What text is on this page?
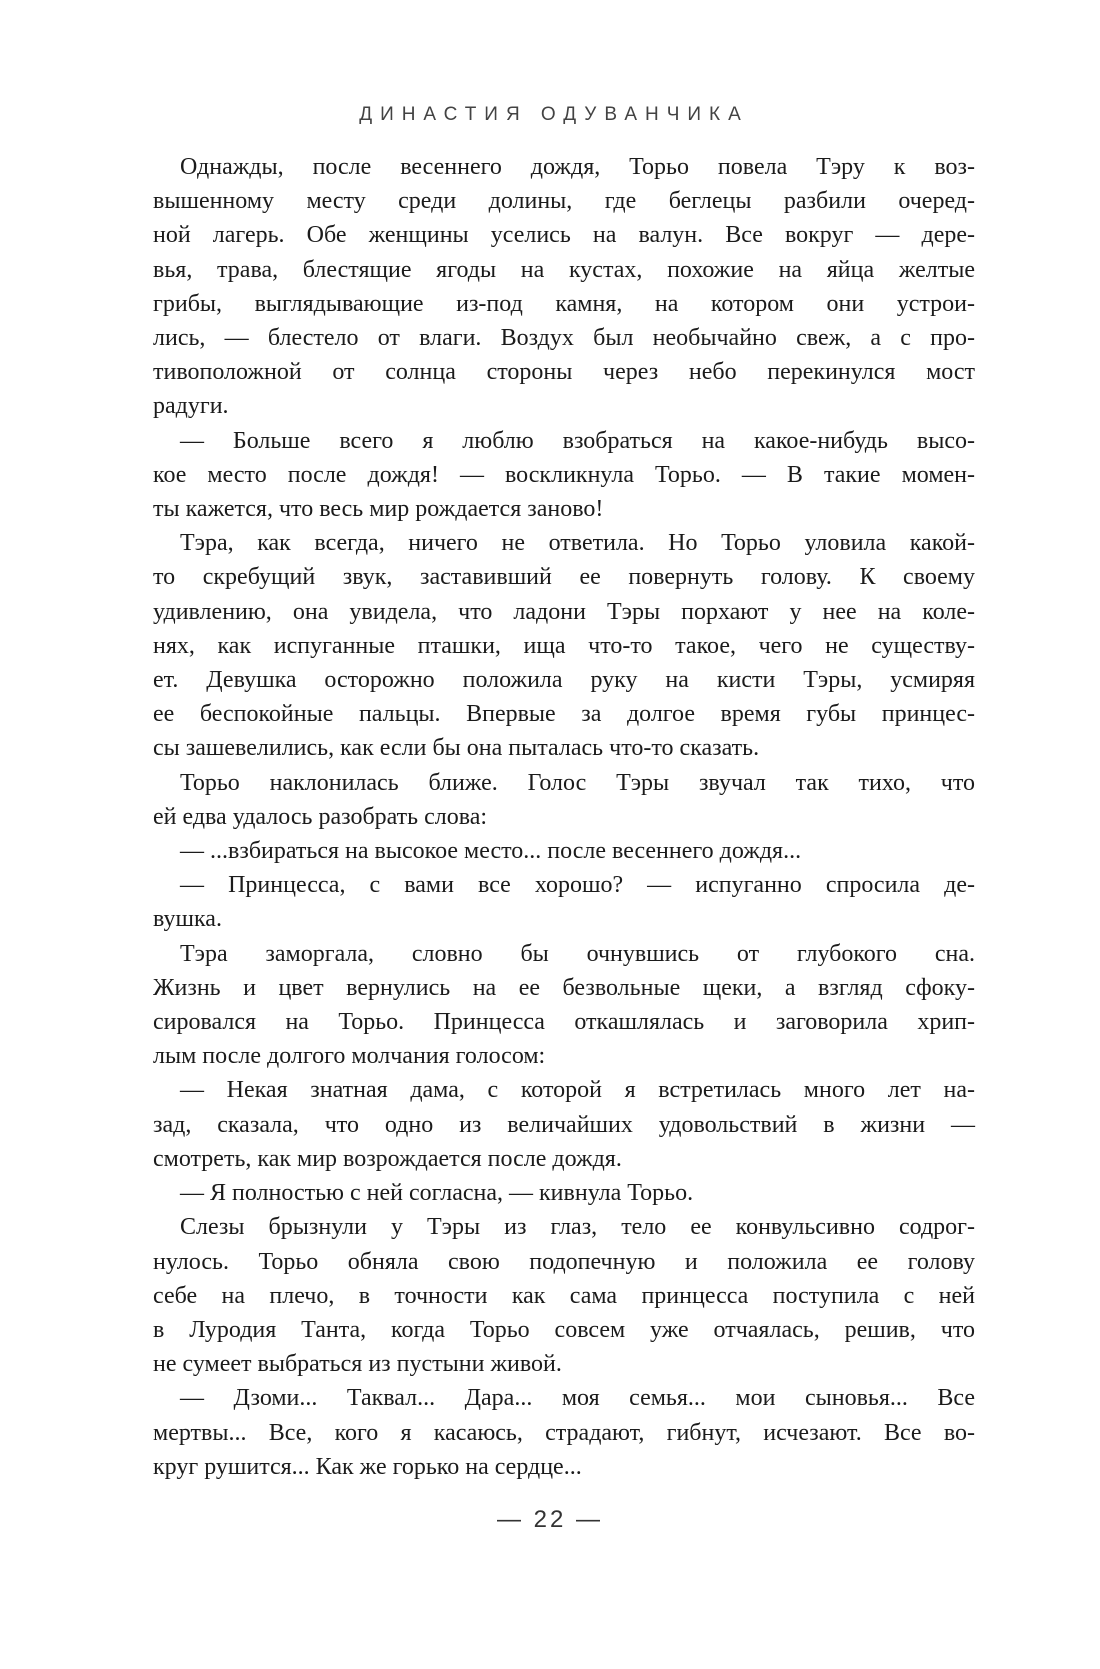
ДИНАСТИЯ ОДУВАНЧИКА
Однажды, после весеннего дождя, Торьо повела Тэру к воз-
вышенному месту среди долины, где беглецы разбили очеред-
ной лагерь. Обе женщины уселись на валун. Все вокруг — дере-
вья, трава, блестящие ягоды на кустах, похожие на яйца желтые
грибы, выглядывающие из-под камня, на котором они устрои-
лись, — блестело от влаги. Воздух был необычайно свеж, а с про-
тивоположной от солнца стороны через небо перекинулся мост
радуги.
— Больше всего я люблю взобраться на какое-нибудь высо-
кое место после дождя! — воскликнула Торьо. — В такие момен-
ты кажется, что весь мир рождается заново!
Тэра, как всегда, ничего не ответила. Но Торьо уловила какой-
то скребущий звук, заставивший ее повернуть голову. К своему
удивлению, она увидела, что ладони Тэры порхают у нее на коле-
нях, как испуганные пташки, ища что-то такое, чего не существу-
ет. Девушка осторожно положила руку на кисти Тэры, усмиряя
ее беспокойные пальцы. Впервые за долгое время губы принцес-
сы зашевелились, как если бы она пыталась что-то сказать.
Торьо наклонилась ближе. Голос Тэры звучал так тихо, что
ей едва удалось разобрать слова:
— ...взбираться на высокое место... после весеннего дождя...
— Принцесса, с вами все хорошо? — испуганно спросила де-
вушка.
Тэра заморгала, словно бы очнувшись от глубокого сна.
Жизнь и цвет вернулись на ее безвольные щеки, а взгляд сфоку-
сировался на Торьо. Принцесса откашлялась и заговорила хрип-
лым после долгого молчания голосом:
— Некая знатная дама, с которой я встретилась много лет на-
зад, сказала, что одно из величайших удовольствий в жизни —
смотреть, как мир возрождается после дождя.
— Я полностью с ней согласна, — кивнула Торьо.
Слезы брызнули у Тэры из глаз, тело ее конвульсивно содрог-
нулось. Торьо обняла свою подопечную и положила ее голову
себе на плечо, в точности как сама принцесса поступила с ней
в Луродия Танта, когда Торьо совсем уже отчаялась, решив, что
не сумеет выбраться из пустыни живой.
— Дзоми... Таквал... Дара... моя семья... мои сыновья... Все
мертвы... Все, кого я касаюсь, страдают, гибнут, исчезают. Все во-
круг рушится... Как же горько на сердце...
— 22 —
